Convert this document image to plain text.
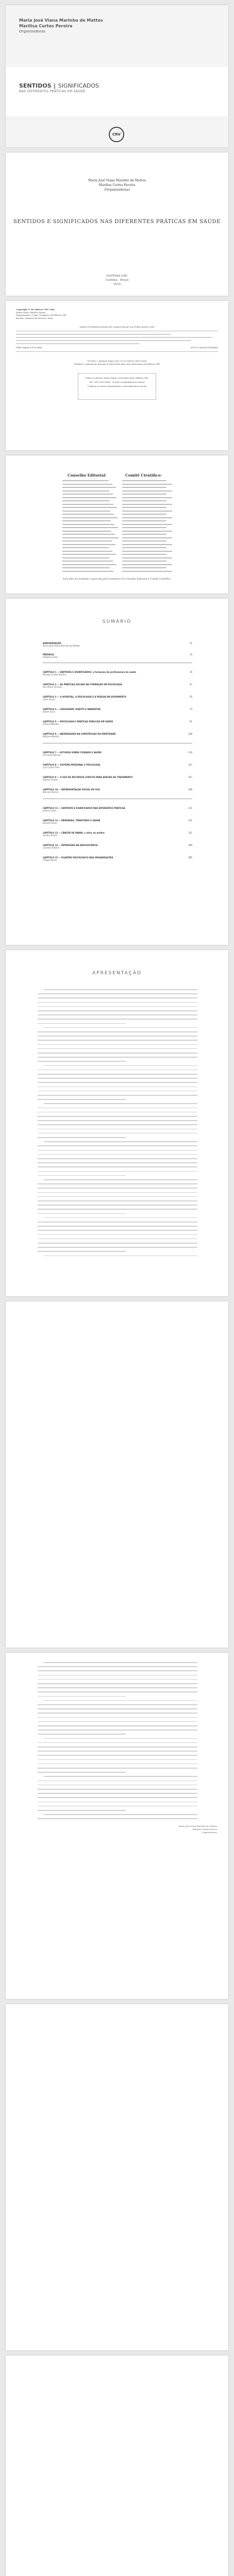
Maria José Viana Marinho de Mattos
Marilisa Cortes Pereira
Organizadoras
SENTIDOS | SIGNIFICADOS
NAS DIFERENTES PRÁTICAS EM SAÚDE
CRV
Maria José Viana Marinho de Mattos
Marilisa Cortes Pereira
(Organizadoras)
SENTIDOS E SIGNIFICADOS NAS DIFERENTES PRÁTICAS EM SAÚDE
EDITORA CRV
Curitiba - Brasil
2018
Copyright © da Editora CRV Ltda.
Editor-chefe: Railson Moura
Diagramação e Capa: Designers da Editora CRV
Revisão: Analista de Escrita e Artes
DADOS INTERNACIONAIS DE CATALOGAÇÃO NA PUBLICAÇÃO (CIP)
ISBN Digital 978-85-444-	DOI 10.24824/978854441
Foi feito o depósito legal conf. Lei 10.994 de 14/12/2004
Proibida a reprodução parcial ou total desta obra sem autorização da Editora CRV
Todos os direitos desta edição reservados pela: Editora CRV
Tel.: (41) 3039-6418 - E-mail: sac@editoracrv.com.br
Conheça os nossos lançamentos: www.editoracrv.com.br
Conselho Editorial:	Comitê Científico:
Esta obra foi avaliada e aprovada pelos membros do Conselho Editorial e Comitê Científico.
SUMÁRIO
APRESENTAÇÃO
Maria José Viana Marinho de Mattos
11
PREFÁCIO
Gilberto Costa
15
CAPÍTULO 1 — SENTIDOS E SIGNIFICADOS: a formação de profissionais da saúde
Marilisa Cortes Pereira
19
CAPÍTULO 2 — AS PRÁTICAS SOCIAIS NA FORMAÇÃO EM PSICOLOGIA
Ana Maria Ferreira
37
CAPÍTULO 3 — O HOSPITAL, A PSICOLOGIA E A PESSOA EM SOFRIMENTO
Carla Souza
55
CAPÍTULO 4 — LINGUAGEM, SUJEITO E NARRATIVA
Rafael Lima
73
CAPÍTULO 5 — PSICOLOGIA E PRÁTICAS PÚBLICAS EM SAÚDE
Patrícia Mendes
91
CAPÍTULO 6 — ABORDAGENS NA CONSTRUÇÃO DA IDENTIDADE
Bárbara Martins
109
CAPÍTULO 7 — ESTUDOS SOBRE CUIDADO E SAÚDE
Fernanda Moraes
129
CAPÍTULO 8 — SISTEMA PRISIONAL E PSICOLOGIA
Luiz Carlos Silva
147
CAPÍTULO 9 — O USO DE RECURSOS LÚDICOS PARA ADESÃO AO TRATAMENTO
Isabela Santos
167
CAPÍTULO 10 — REPRESENTAÇÃO SOCIAL DO SUS
Marcos Oliveira
189
CAPÍTULO 11 — SENTIDOS E SIGNIFICADOS NAS DIFERENTES PRÁTICAS
Juliana Costa
211
CAPÍTULO 12 — MEMÓRIAS, TERRITÓRIO E SAÚDE
Ricardo Alves
231
CAPÍTULO 13 — CÂNCER DE MAMA: o olhar da mulher
Sandra Rocha
251
CAPÍTULO 14 — DEPRESSÃO NA ADOLESCÊNCIA
Carolina Ribeiro
269
CAPÍTULO 15 — PLANTÃO PSICOLÓGICO NAS ORGANIZAÇÕES
Thiago Nunes
285
APRESENTAÇÃO
Maria José Viana Marinho de Mattos
Marilisa Cortes Pereira
Organizadoras
